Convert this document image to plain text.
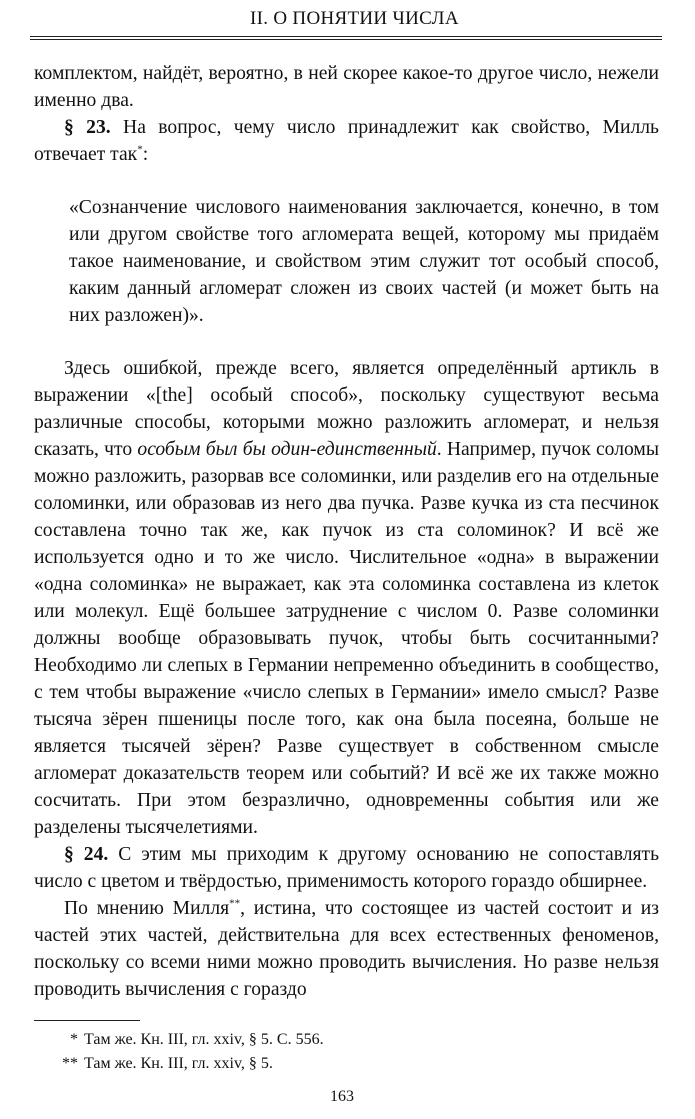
II. О ПОНЯТИИ ЧИСЛА

комплектом, найдёт, вероятно, в ней скорее какое-то другое число, нежели именно два.

§ 23. На вопрос, чему число принадлежит как свойство, Милль отвечает так*:

«Сознанчение числового наименования заключается, конечно, в том или другом свойстве того агломерата вещей, которому мы придаём такое наименование, и свойством этим служит тот особый способ, каким данный агломерат сложен из своих частей (и может быть на них разложен)».

Здесь ошибкой, прежде всего, является определённый артикль в выражении «[the] особый способ», поскольку существуют весьма различные способы, которыми можно разложить агломерат, и нельзя сказать, что особым был бы один-единственный. Например, пучок соломы можно разложить, разорвав все соломинки, или разделив его на отдельные соломинки, или образовав из него два пучка. Разве кучка из ста песчинок составлена точно так же, как пучок из ста соломинок? И всё же используется одно и то же число. Числительное «одна» в выражении «одна соломинка» не выражает, как эта соломинка составлена из клеток или молекул. Ещё большее затруднение с числом 0. Разве соломинки должны вообще образовывать пучок, чтобы быть сосчитанными? Необходимо ли слепых в Германии непременно объединить в сообщество, с тем чтобы выражение «число слепых в Германии» имело смысл? Разве тысяча зёрен пшеницы после того, как она была посеяна, больше не является тысячей зёрен? Разве существует в собственном смысле агломерат доказательств теорем или событий? И всё же их также можно сосчитать. При этом безразлично, одновременны события или же разделены тысячелетиями.

§ 24. С этим мы приходим к другому основанию не сопоставлять число с цветом и твёрдостью, применимость которого гораздо обширнее.

По мнению Милля**, истина, что состоящее из частей состоит и из частей этих частей, действительна для всех естественных феноменов, поскольку со всеми ними можно проводить вычисления. Но разве нельзя проводить вычисления с гораздо

* Там же. Кн. III, гл. xxiv, § 5. С. 556.
** Там же. Кн. III, гл. xxiv, § 5.
163
